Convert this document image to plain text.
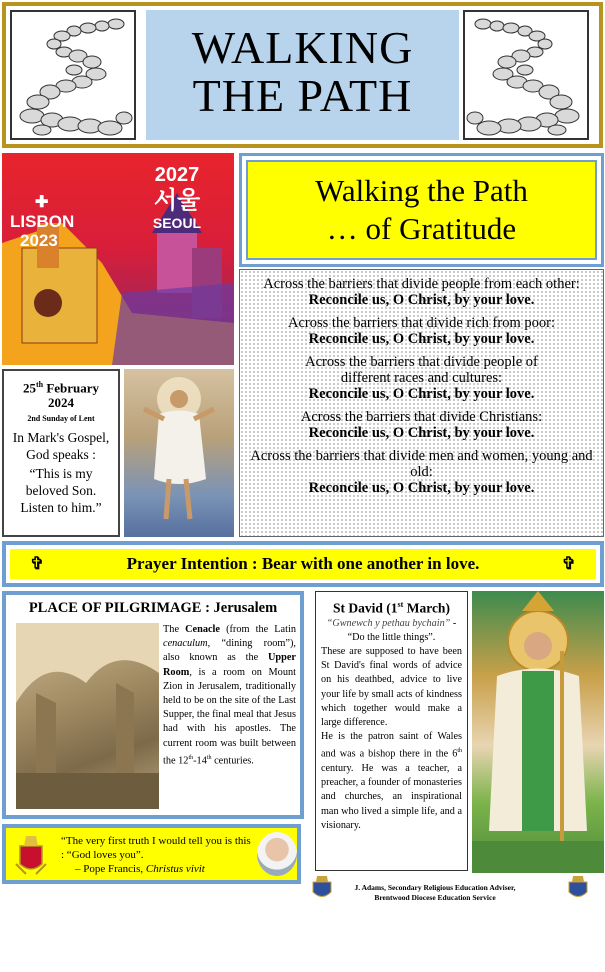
WALKING
THE PATH
✚
LISBON
2023
2027
서울
SEOUL
Walking the Path
… of Gratitude
Across the barriers that divide people from each other:
Reconcile us, O Christ, by your love.
Across the barriers that divide rich from poor:
Reconcile us, O Christ, by your love.
Across the barriers that divide people of different races and cultures:
Reconcile us, O Christ, by your love.
Across the barriers that divide Christians:
Reconcile us, O Christ, by your love.
Across the barriers that divide men and women, young and old:
Reconcile us, O Christ, by your love.
25th February
2024
2nd Sunday of Lent
In Mark's Gospel, God speaks :
“This is my beloved Son. Listen to him.”
✞	Prayer Intention : Bear with one another in love.	✞
PLACE OF PILGRIMAGE : Jerusalem
The Cenacle (from the Latin cenaculum, “dining room”), also known as the Upper Room, is a room on Mount Zion in Jerusalem, traditionally held to be on the site of the Last Supper, the final meal that Jesus had with his apostles. The current room was built between the 12th-14th centuries.
St David (1st March)
“Gwnewch y pethau bychain” -
“Do the little things”.
These are supposed to have been St David's final words of advice on his deathbed, advice to live your life by small acts of kindness which together would make a large difference.
He is the patron saint of Wales and was a bishop there in the 6th century. He was a teacher, a preacher, a founder of monasteries and churches, an inspirational man who lived a simple life, and a visionary.
“The very first truth I would tell you is this : “God loves you”.
– Pope Francis, Christus vivit
J. Adams, Secondary Religious Education Adviser,
Brentwood Diocese Education Service
